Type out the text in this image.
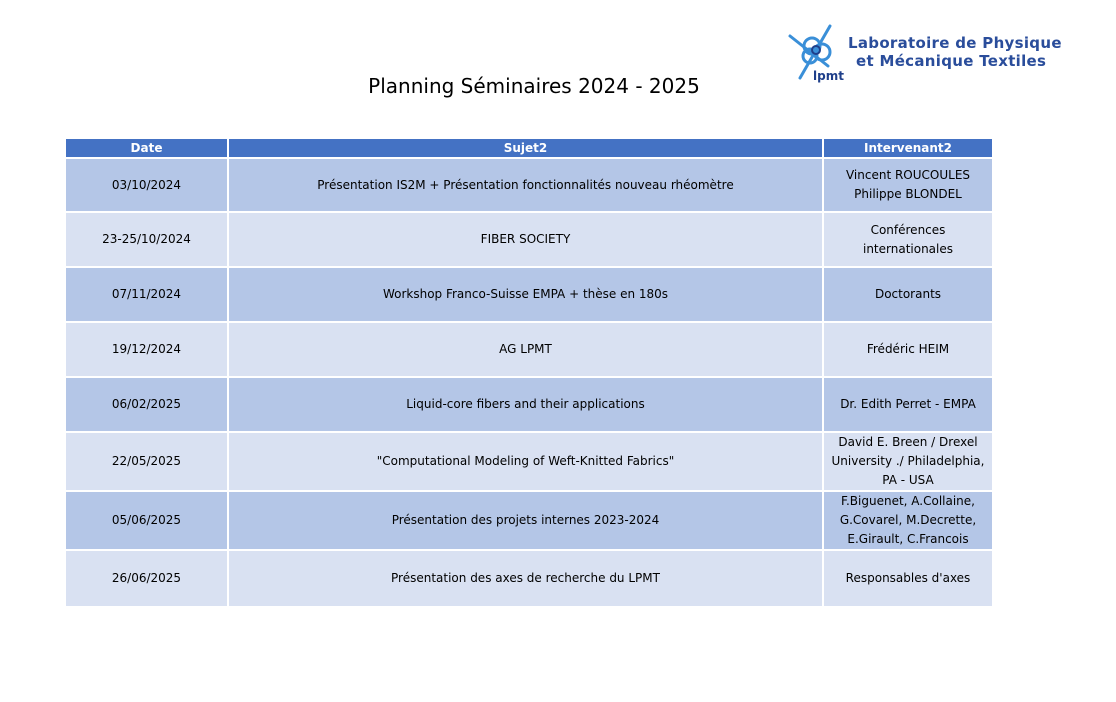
lpmt
Laboratoire de Physique
et Mécanique Textiles
Planning Séminaires 2024 - 2025
Date	Sujet2	Intervenant2
03/10/2024	Présentation IS2M + Présentation fonctionnalités nouveau rhéomètre	Vincent ROUCOULES
Philippe BLONDEL

23-25/10/2024	FIBER SOCIETY	Conférences
internationales

07/11/2024	Workshop Franco-Suisse EMPA + thèse en 180s	Doctorants

19/12/2024	AG LPMT	Frédéric HEIM

06/02/2025	Liquid-core fibers and their applications	Dr. Edith Perret - EMPA

22/05/2025	"Computational Modeling of Weft-Knitted Fabrics"	David E. Breen / Drexel
University ./ Philadelphia,
PA - USA

05/06/2025	Présentation des projets internes 2023-2024	F.Biguenet, A.Collaine,
G.Covarel, M.Decrette,
E.Girault, C.Francois

26/06/2025	Présentation des axes de recherche du LPMT	Responsables d'axes
